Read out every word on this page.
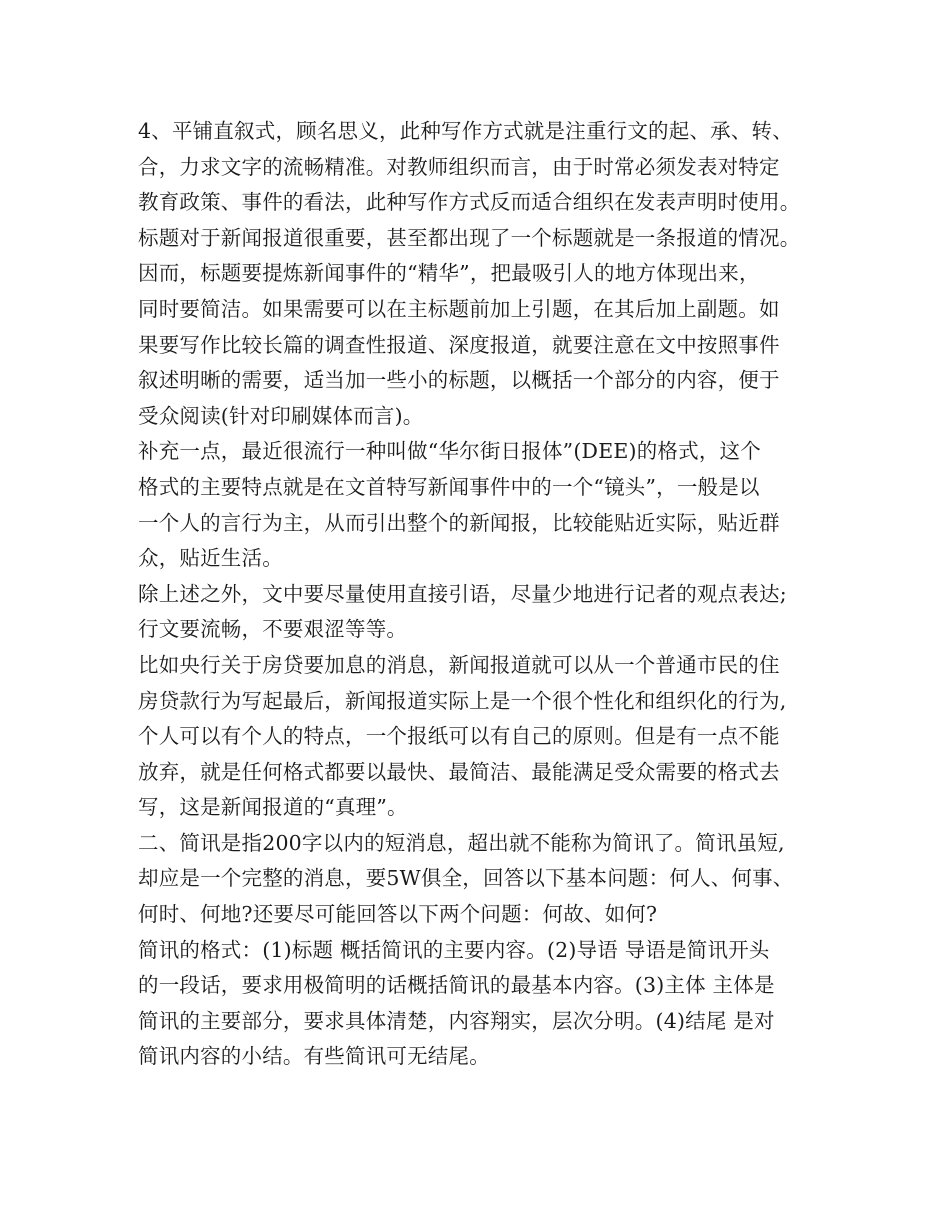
4、平铺直叙式，顾名思义，此种写作方式就是注重行文的起、承、转、
合，力求文字的流畅精准。对教师组织而言，由于时常必须发表对特定
教育政策、事件的看法，此种写作方式反而适合组织在发表声明时使用。
标题对于新闻报道很重要，甚至都出现了一个标题就是一条报道的情况。
因而，标题要提炼新闻事件的“精华”，把最吸引人的地方体现出来，
同时要简洁。如果需要可以在主标题前加上引题，在其后加上副题。如
果要写作比较长篇的调查性报道、深度报道，就要注意在文中按照事件
叙述明晰的需要，适当加一些小的标题，以概括一个部分的内容，便于
受众阅读(针对印刷媒体而言)。
补充一点，最近很流行一种叫做“华尔街日报体”(DEE)的格式，这个
格式的主要特点就是在文首特写新闻事件中的一个“镜头”，一般是以
一个人的言行为主，从而引出整个的新闻报，比较能贴近实际，贴近群
众，贴近生活。
除上述之外，文中要尽量使用直接引语，尽量少地进行记者的观点表达;
行文要流畅，不要艰涩等等。
比如央行关于房贷要加息的消息，新闻报道就可以从一个普通市民的住
房贷款行为写起最后，新闻报道实际上是一个很个性化和组织化的行为,
个人可以有个人的特点，一个报纸可以有自己的原则。但是有一点不能
放弃，就是任何格式都要以最快、最简洁、最能满足受众需要的格式去
写，这是新闻报道的“真理”。
二、简讯是指200字以内的短消息，超出就不能称为简讯了。简讯虽短,
却应是一个完整的消息，要5W俱全，回答以下基本问题：何人、何事、
何时、何地?还要尽可能回答以下两个问题：何故、如何?
简讯的格式：(1)标题 概括简讯的主要内容。(2)导语 导语是简讯开头
的一段话，要求用极简明的话概括简讯的最基本内容。(3)主体 主体是
简讯的主要部分，要求具体清楚，内容翔实，层次分明。(4)结尾 是对
简讯内容的小结。有些简讯可无结尾。
